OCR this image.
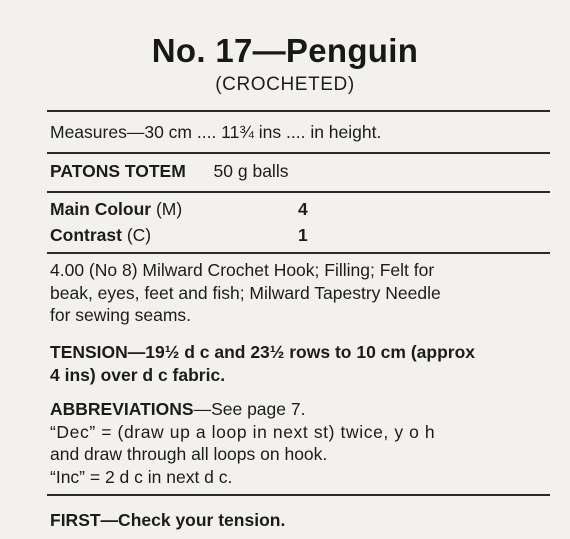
No. 17—Penguin
(CROCHETED)
Measures—30 cm .... 11¾ ins .... in height.
PATONS TOTEM 50 g balls
Main Colour (M)	4
Contrast (C)	1
4.00 (No 8) Milward Crochet Hook; Filling; Felt for
beak, eyes, feet and fish; Milward Tapestry Needle
for sewing seams.
TENSION—19½ d c and 23½ rows to 10 cm (approx
4 ins) over d c fabric.
ABBREVIATIONS—See page 7.
“Dec” = (draw up a loop in next st) twice, y o h
and draw through all loops on hook.
“Inc” = 2 d c in next d c.
FIRST—Check your tension.
